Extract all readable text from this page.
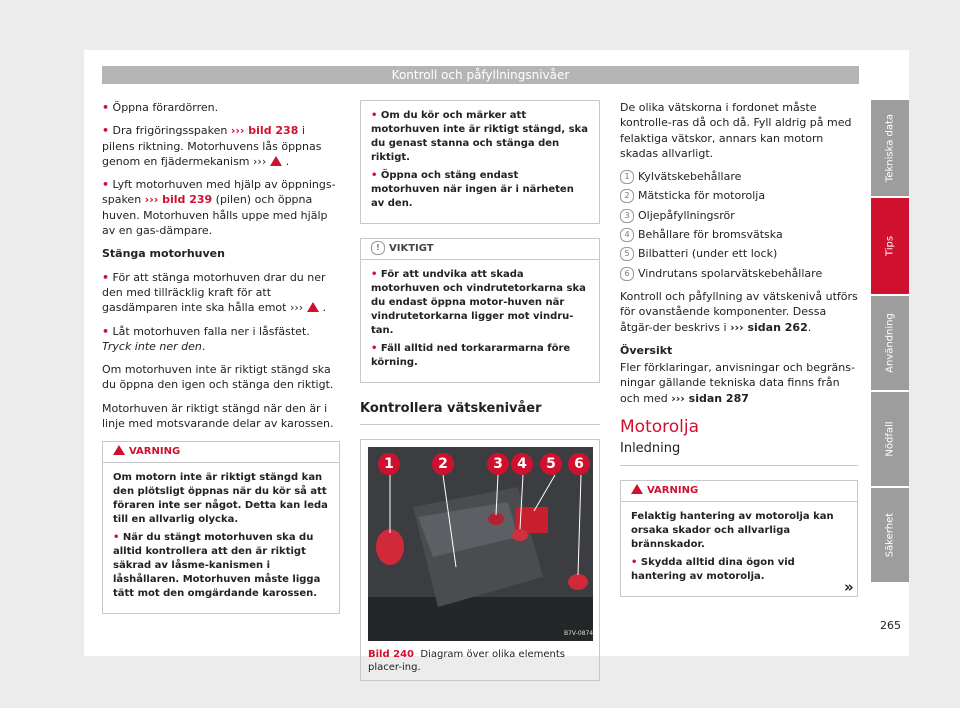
Kontroll och påfyllningsnivåer

• Öppna förardörren.

• Dra frigöringsspaken ››› bild 238 i pilens riktning. Motorhuvens lås öppnas genom en fjädermekanism ››› .

• Lyft motorhuven med hjälp av öppnings-spaken ››› bild 239 (pilen) och öppna huven. Motorhuven hålls uppe med hjälp av en gas-dämpare.

Stänga motorhuven

• För att stänga motorhuven drar du ner den med tillräcklig kraft för att gasdämparen inte ska hålla emot ››› .

• Låt motorhuven falla ner i låsfästet. Tryck inte ner den.

Om motorhuven inte är riktigt stängd ska du öppna den igen och stänga den riktigt.

Motorhuven är riktigt stängd när den är i linje med motsvarande delar av karossen.

VARNING

Om motorn inte är riktigt stängd kan den plötsligt öppnas när du kör så att föraren inte ser något. Detta kan leda till en allvarlig olycka.

• När du stängt motorhuven ska du alltid kontrollera att den är riktigt säkrad av låsme-kanismen i låshållaren. Motorhuven måste ligga tätt mot den omgärdande karossen.

• Om du kör och märker att motorhuven inte är riktigt stängd, ska du genast stanna och stänga den riktigt.

• Öppna och stäng endast motorhuven när ingen är i närheten av den.

! VIKTIGT

• För att undvika att skada motorhuven och vindrutetorkarna ska du endast öppna motor-huven när vindrutetorkarna ligger mot vindru-tan.

• Fäll alltid ned torkararmarna före körning.

Kontrollera vätskenivåer
B7V-0874
1	2	3	4	5	6
Bild 240 Diagram över olika elements placer-ing.

De olika vätskorna i fordonet måste kontrolle-ras då och då. Fyll aldrig på med felaktiga vätskor, annars kan motorn skadas allvarligt.

1 Kylvätskebehållare
2 Mätsticka för motorolja
3 Oljepåfyllningsrör
4 Behållare för bromsvätska
5 Bilbatteri (under ett lock)
6 Vindrutans spolarvätskebehållare

Kontroll och påfyllning av vätskenivå utförs för ovanstående komponenter. Dessa åtgär-der beskrivs i ››› sidan 262.

Översikt

Fler förklaringar, anvisningar och begräns-ningar gällande tekniska data finns från och med ››› sidan 287

Motorolja
Inledning
VARNING

Felaktig hantering av motorolja kan orsaka skador och allvarliga brännskador.

• Skydda alltid dina ögon vid hantering av motorolja.

»
Tekniska data
Tips
Användning
Nödfall
Säkerhet
265
